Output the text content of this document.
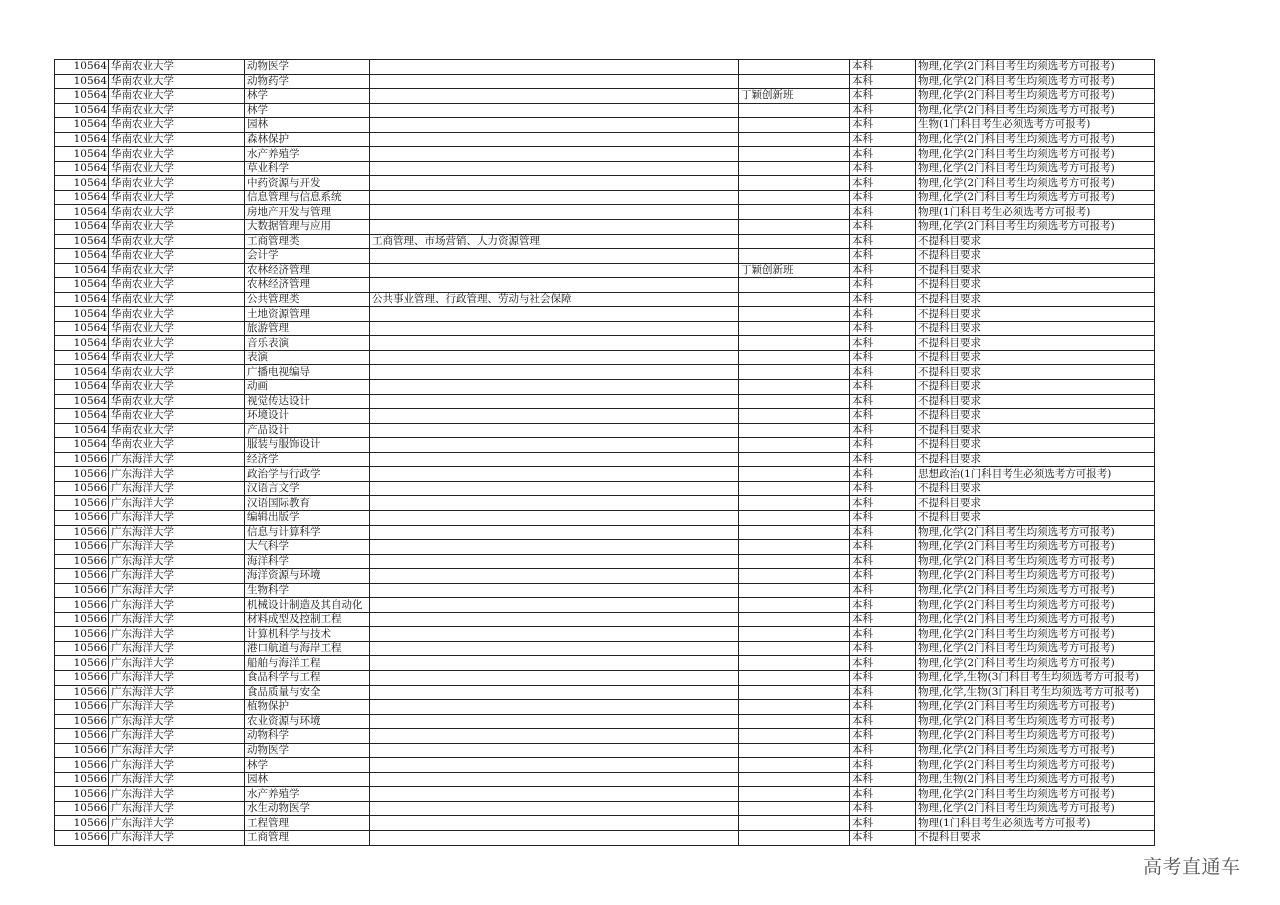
10564	华南农业大学	动物医学			本科	物理,化学(2门科目考生均须选考方可报考)
10564	华南农业大学	动物药学			本科	物理,化学(2门科目考生均须选考方可报考)
10564	华南农业大学	林学		丁颖创新班	本科	物理,化学(2门科目考生均须选考方可报考)
10564	华南农业大学	林学			本科	物理,化学(2门科目考生均须选考方可报考)
10564	华南农业大学	园林			本科	生物(1门科目考生必须选考方可报考)
10564	华南农业大学	森林保护			本科	物理,化学(2门科目考生均须选考方可报考)
10564	华南农业大学	水产养殖学			本科	物理,化学(2门科目考生均须选考方可报考)
10564	华南农业大学	草业科学			本科	物理,化学(2门科目考生均须选考方可报考)
10564	华南农业大学	中药资源与开发			本科	物理,化学(2门科目考生均须选考方可报考)
10564	华南农业大学	信息管理与信息系统			本科	物理,化学(2门科目考生均须选考方可报考)
10564	华南农业大学	房地产开发与管理			本科	物理(1门科目考生必须选考方可报考)
10564	华南农业大学	大数据管理与应用			本科	物理,化学(2门科目考生均须选考方可报考)
10564	华南农业大学	工商管理类	工商管理、市场营销、人力资源管理		本科	不提科目要求
10564	华南农业大学	会计学			本科	不提科目要求
10564	华南农业大学	农林经济管理		丁颖创新班	本科	不提科目要求
10564	华南农业大学	农林经济管理			本科	不提科目要求
10564	华南农业大学	公共管理类	公共事业管理、行政管理、劳动与社会保障		本科	不提科目要求
10564	华南农业大学	土地资源管理			本科	不提科目要求
10564	华南农业大学	旅游管理			本科	不提科目要求
10564	华南农业大学	音乐表演			本科	不提科目要求
10564	华南农业大学	表演			本科	不提科目要求
10564	华南农业大学	广播电视编导			本科	不提科目要求
10564	华南农业大学	动画			本科	不提科目要求
10564	华南农业大学	视觉传达设计			本科	不提科目要求
10564	华南农业大学	环境设计			本科	不提科目要求
10564	华南农业大学	产品设计			本科	不提科目要求
10564	华南农业大学	服装与服饰设计			本科	不提科目要求
10566	广东海洋大学	经济学			本科	不提科目要求
10566	广东海洋大学	政治学与行政学			本科	思想政治(1门科目考生必须选考方可报考)
10566	广东海洋大学	汉语言文学			本科	不提科目要求
10566	广东海洋大学	汉语国际教育			本科	不提科目要求
10566	广东海洋大学	编辑出版学			本科	不提科目要求
10566	广东海洋大学	信息与计算科学			本科	物理,化学(2门科目考生均须选考方可报考)
10566	广东海洋大学	大气科学			本科	物理,化学(2门科目考生均须选考方可报考)
10566	广东海洋大学	海洋科学			本科	物理,化学(2门科目考生均须选考方可报考)
10566	广东海洋大学	海洋资源与环境			本科	物理,化学(2门科目考生均须选考方可报考)
10566	广东海洋大学	生物科学			本科	物理,化学(2门科目考生均须选考方可报考)
10566	广东海洋大学	机械设计制造及其自动化			本科	物理,化学(2门科目考生均须选考方可报考)
10566	广东海洋大学	材料成型及控制工程			本科	物理,化学(2门科目考生均须选考方可报考)
10566	广东海洋大学	计算机科学与技术			本科	物理,化学(2门科目考生均须选考方可报考)
10566	广东海洋大学	港口航道与海岸工程			本科	物理,化学(2门科目考生均须选考方可报考)
10566	广东海洋大学	船舶与海洋工程			本科	物理,化学(2门科目考生均须选考方可报考)
10566	广东海洋大学	食品科学与工程			本科	物理,化学,生物(3门科目考生均须选考方可报考)
10566	广东海洋大学	食品质量与安全			本科	物理,化学,生物(3门科目考生均须选考方可报考)
10566	广东海洋大学	植物保护			本科	物理,化学(2门科目考生均须选考方可报考)
10566	广东海洋大学	农业资源与环境			本科	物理,化学(2门科目考生均须选考方可报考)
10566	广东海洋大学	动物科学			本科	物理,化学(2门科目考生均须选考方可报考)
10566	广东海洋大学	动物医学			本科	物理,化学(2门科目考生均须选考方可报考)
10566	广东海洋大学	林学			本科	物理,化学(2门科目考生均须选考方可报考)
10566	广东海洋大学	园林			本科	物理,生物(2门科目考生均须选考方可报考)
10566	广东海洋大学	水产养殖学			本科	物理,化学(2门科目考生均须选考方可报考)
10566	广东海洋大学	水生动物医学			本科	物理,化学(2门科目考生均须选考方可报考)
10566	广东海洋大学	工程管理			本科	物理(1门科目考生必须选考方可报考)
10566	广东海洋大学	工商管理			本科	不提科目要求
高考直通车
